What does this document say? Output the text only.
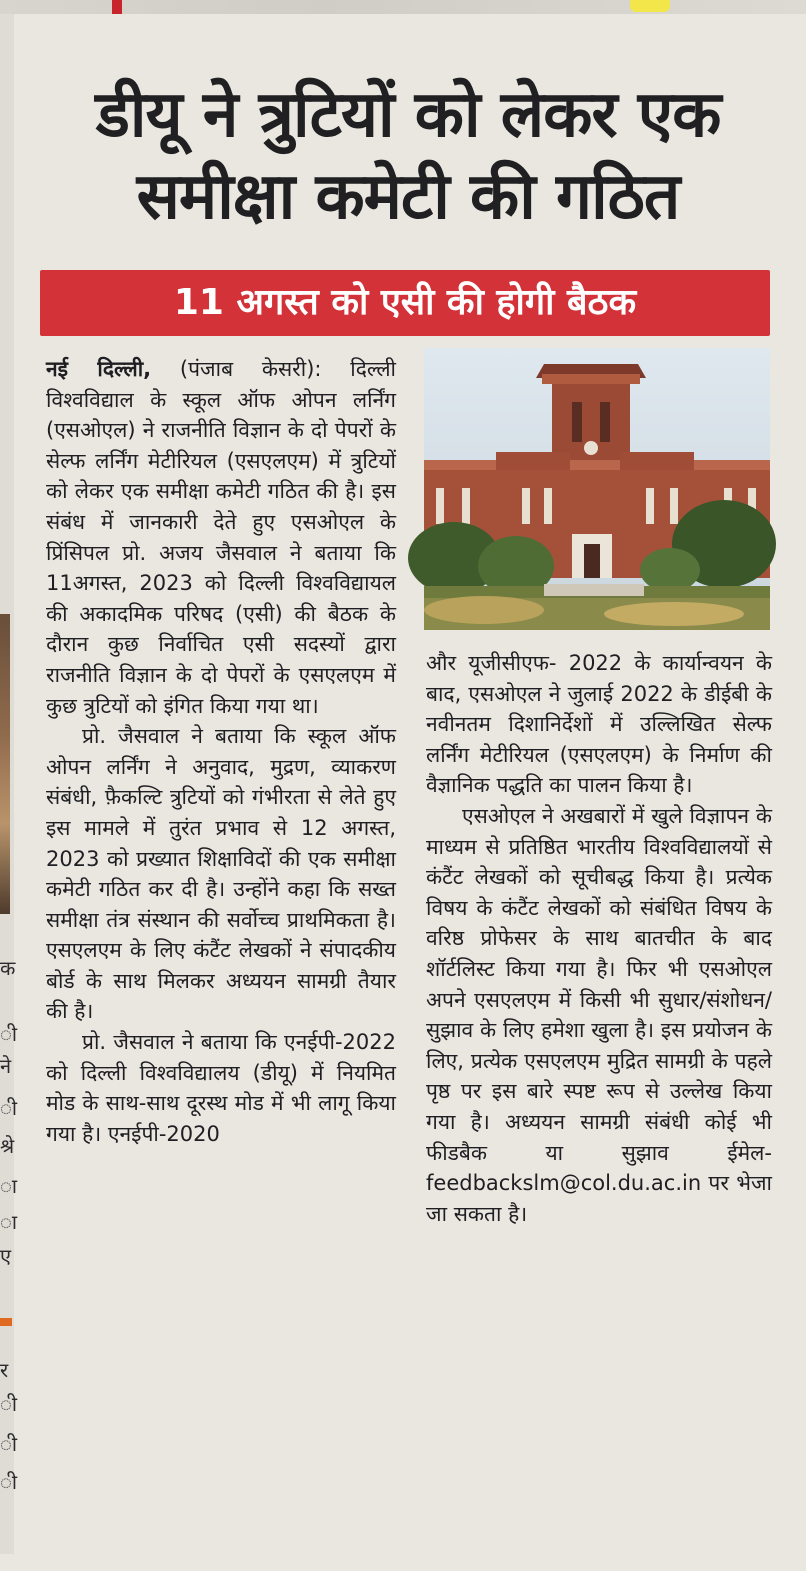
क
ी
ने
ी
श्रे
ा
ा
ए
र
ी
ी
ी
डीयू ने त्रुटियों को लेकर एक समीक्षा कमेटी की गठित
11 अगस्त को एसी की होगी बैठक

नई दिल्ली, (पंजाब केसरी): दिल्ली विश्वविद्याल के स्कूल ऑफ ओपन लर्निंग (एसओएल) ने राजनीति विज्ञान के दो पेपरों के सेल्फ लर्निंग मेटीरियल (एसएलएम) में त्रुटियों को लेकर एक समीक्षा कमेटी गठित की है। इस संबंध में जानकारी देते हुए एसओएल के प्रिंसिपल प्रो. अजय जैसवाल ने बताया कि 11अगस्त, 2023 को दिल्ली विश्वविद्यायल की अकादमिक परिषद (एसी) की बैठक के दौरान कुछ निर्वाचित एसी सदस्यों द्वारा राजनीति विज्ञान के दो पेपरों के एसएलएम में कुछ त्रुटियों को इंगित किया गया था।

प्रो. जैसवाल ने बताया कि स्कूल ऑफ ओपन लर्निंग ने अनुवाद, मुद्रण, व्याकरण संबंधी, फ़ैकल्टि त्रुटियों को गंभीरता से लेते हुए इस मामले में तुरंत प्रभाव से 12 अगस्त, 2023 को प्रख्यात शिक्षाविदों की एक समीक्षा कमेटी गठित कर दी है। उन्होंने कहा कि सख्त समीक्षा तंत्र संस्थान की सर्वोच्च प्राथमिकता है। एसएलएम के लिए कंटैंट लेखकों ने संपादकीय बोर्ड के साथ मिलकर अध्ययन सामग्री तैयार की है।

प्रो. जैसवाल ने बताया कि एनईपी-2022 को दिल्ली विश्वविद्यालय (डीयू) में नियमित मोड के साथ-साथ दूरस्थ मोड में भी लागू किया गया है। एनईपी-2020

और यूजीसीएफ- 2022 के कार्यान्वयन के बाद, एसओएल ने जुलाई 2022 के डीईबी के नवीनतम दिशानिर्देशों में उल्लिखित सेल्फ लर्निंग मेटीरियल (एसएलएम) के निर्माण की वैज्ञानिक पद्धति का पालन किया है।

एसओएल ने अखबारों में खुले विज्ञापन के माध्यम से प्रतिष्ठित भारतीय विश्वविद्यालयों से कंटैंट लेखकों को सूचीबद्ध किया है। प्रत्येक विषय के कंटैंट लेखकों को संबंधित विषय के वरिष्ठ प्रोफेसर के साथ बातचीत के बाद शॉर्टलिस्ट किया गया है। फिर भी एसओएल अपने एसएलएम में किसी भी सुधार/संशोधन/सुझाव के लिए हमेशा खुला है। इस प्रयोजन के लिए, प्रत्येक एसएलएम मुद्रित सामग्री के पहले पृष्ठ पर इस बारे स्पष्ट रूप से उल्लेख किया गया है। अध्ययन सामग्री संबंधी कोई भी फीडबैक या सुझाव ईमेल- feedbackslm@col.du.ac.in पर भेजा जा सकता है।
